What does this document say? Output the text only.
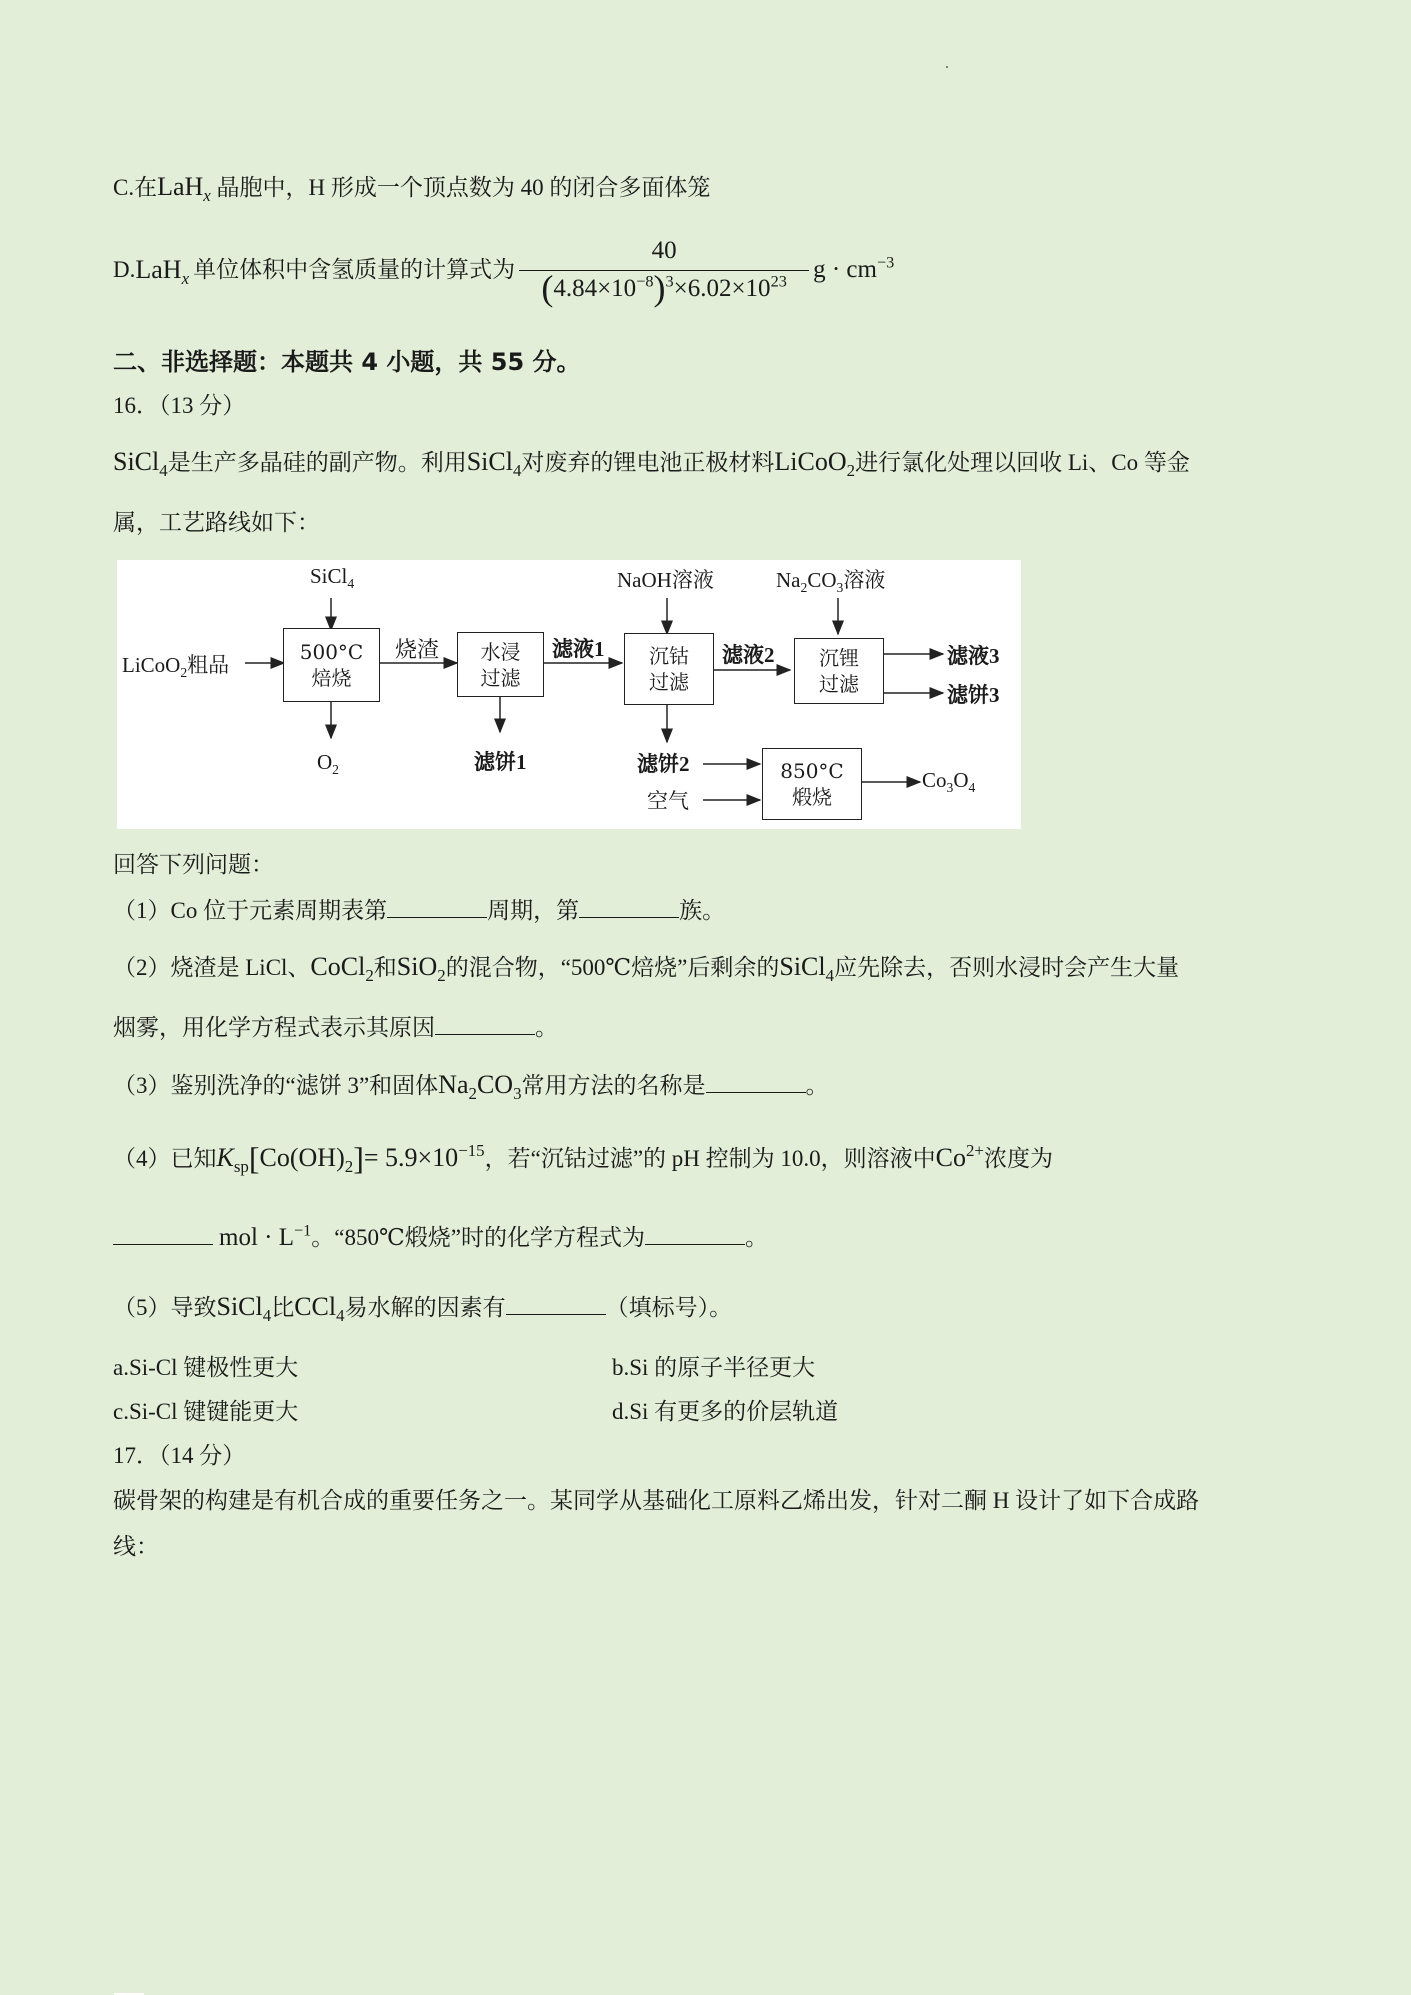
C.在LaH$_x$ 晶胞中，H 形成一个顶点数为 40 的闭合多面体笼
D. LaH$_x$ 单位体积中含氢质量的计算式为 $\frac{40}{(4.84\times 10^{-8})^3\times 6.02\times 10^{23}}$ $g \cdot cm^{-3}$
二、非选择题：本题共 4 小题，共 55 分。
16．（13 分）
SiCl$_4$是生产多晶硅的副产物。利用SiCl$_4$对废弃的锂电池正极材料LiCoO$_2$进行氯化处理以回收 Li、Co 等金
属，工艺路线如下：
SiCl$_4$
LiCoO$_2$粗品
500°C
焙烧
$O_2$
烧渣	水浸
过滤
滤饼1
滤液1
NaOH溶液
沉钴
过滤
滤液2
$Na_2CO_3$溶液
沉锂
过滤
滤液3
滤饼3
滤饼2
空气
850°C
煅烧
$Co_3O_4$
回答下列问题：
（1）Co 位于元素周期表第	周期，第	族。
（2）烧渣是 LiCl、CoCl$_2$和SiO$_2$的混合物，“500℃焙烧”后剩余的SiCl$_4$应先除去，否则水浸时会产生大量
烟雾，用化学方程式表示其原因	。
（3）鉴别洗净的“滤饼 3”和固体$Na_2CO_3$常用方法的名称是	。
（4）已知$K_{sp}[Co(OH)_2]= 5.9\times 10^{-15}$，若“沉钴过滤”的 pH 控制为 10.0，则溶液中$Co^{2+}$浓度为
mol · $L^{-1}$。“850℃煅烧”时的化学方程式为	。
（5）导致SiCl$_4$比CCl$_4$易水解的因素有	（填标号）。
a.Si-Cl 键极性更大	b.Si 的原子半径更大
c.Si-Cl 键键能更大	d.Si 有更多的价层轨道
17．（14 分）
碳骨架的构建是有机合成的重要任务之一。某同学从基础化工原料乙烯出发，针对二酮 H 设计了如下合成路
线：
